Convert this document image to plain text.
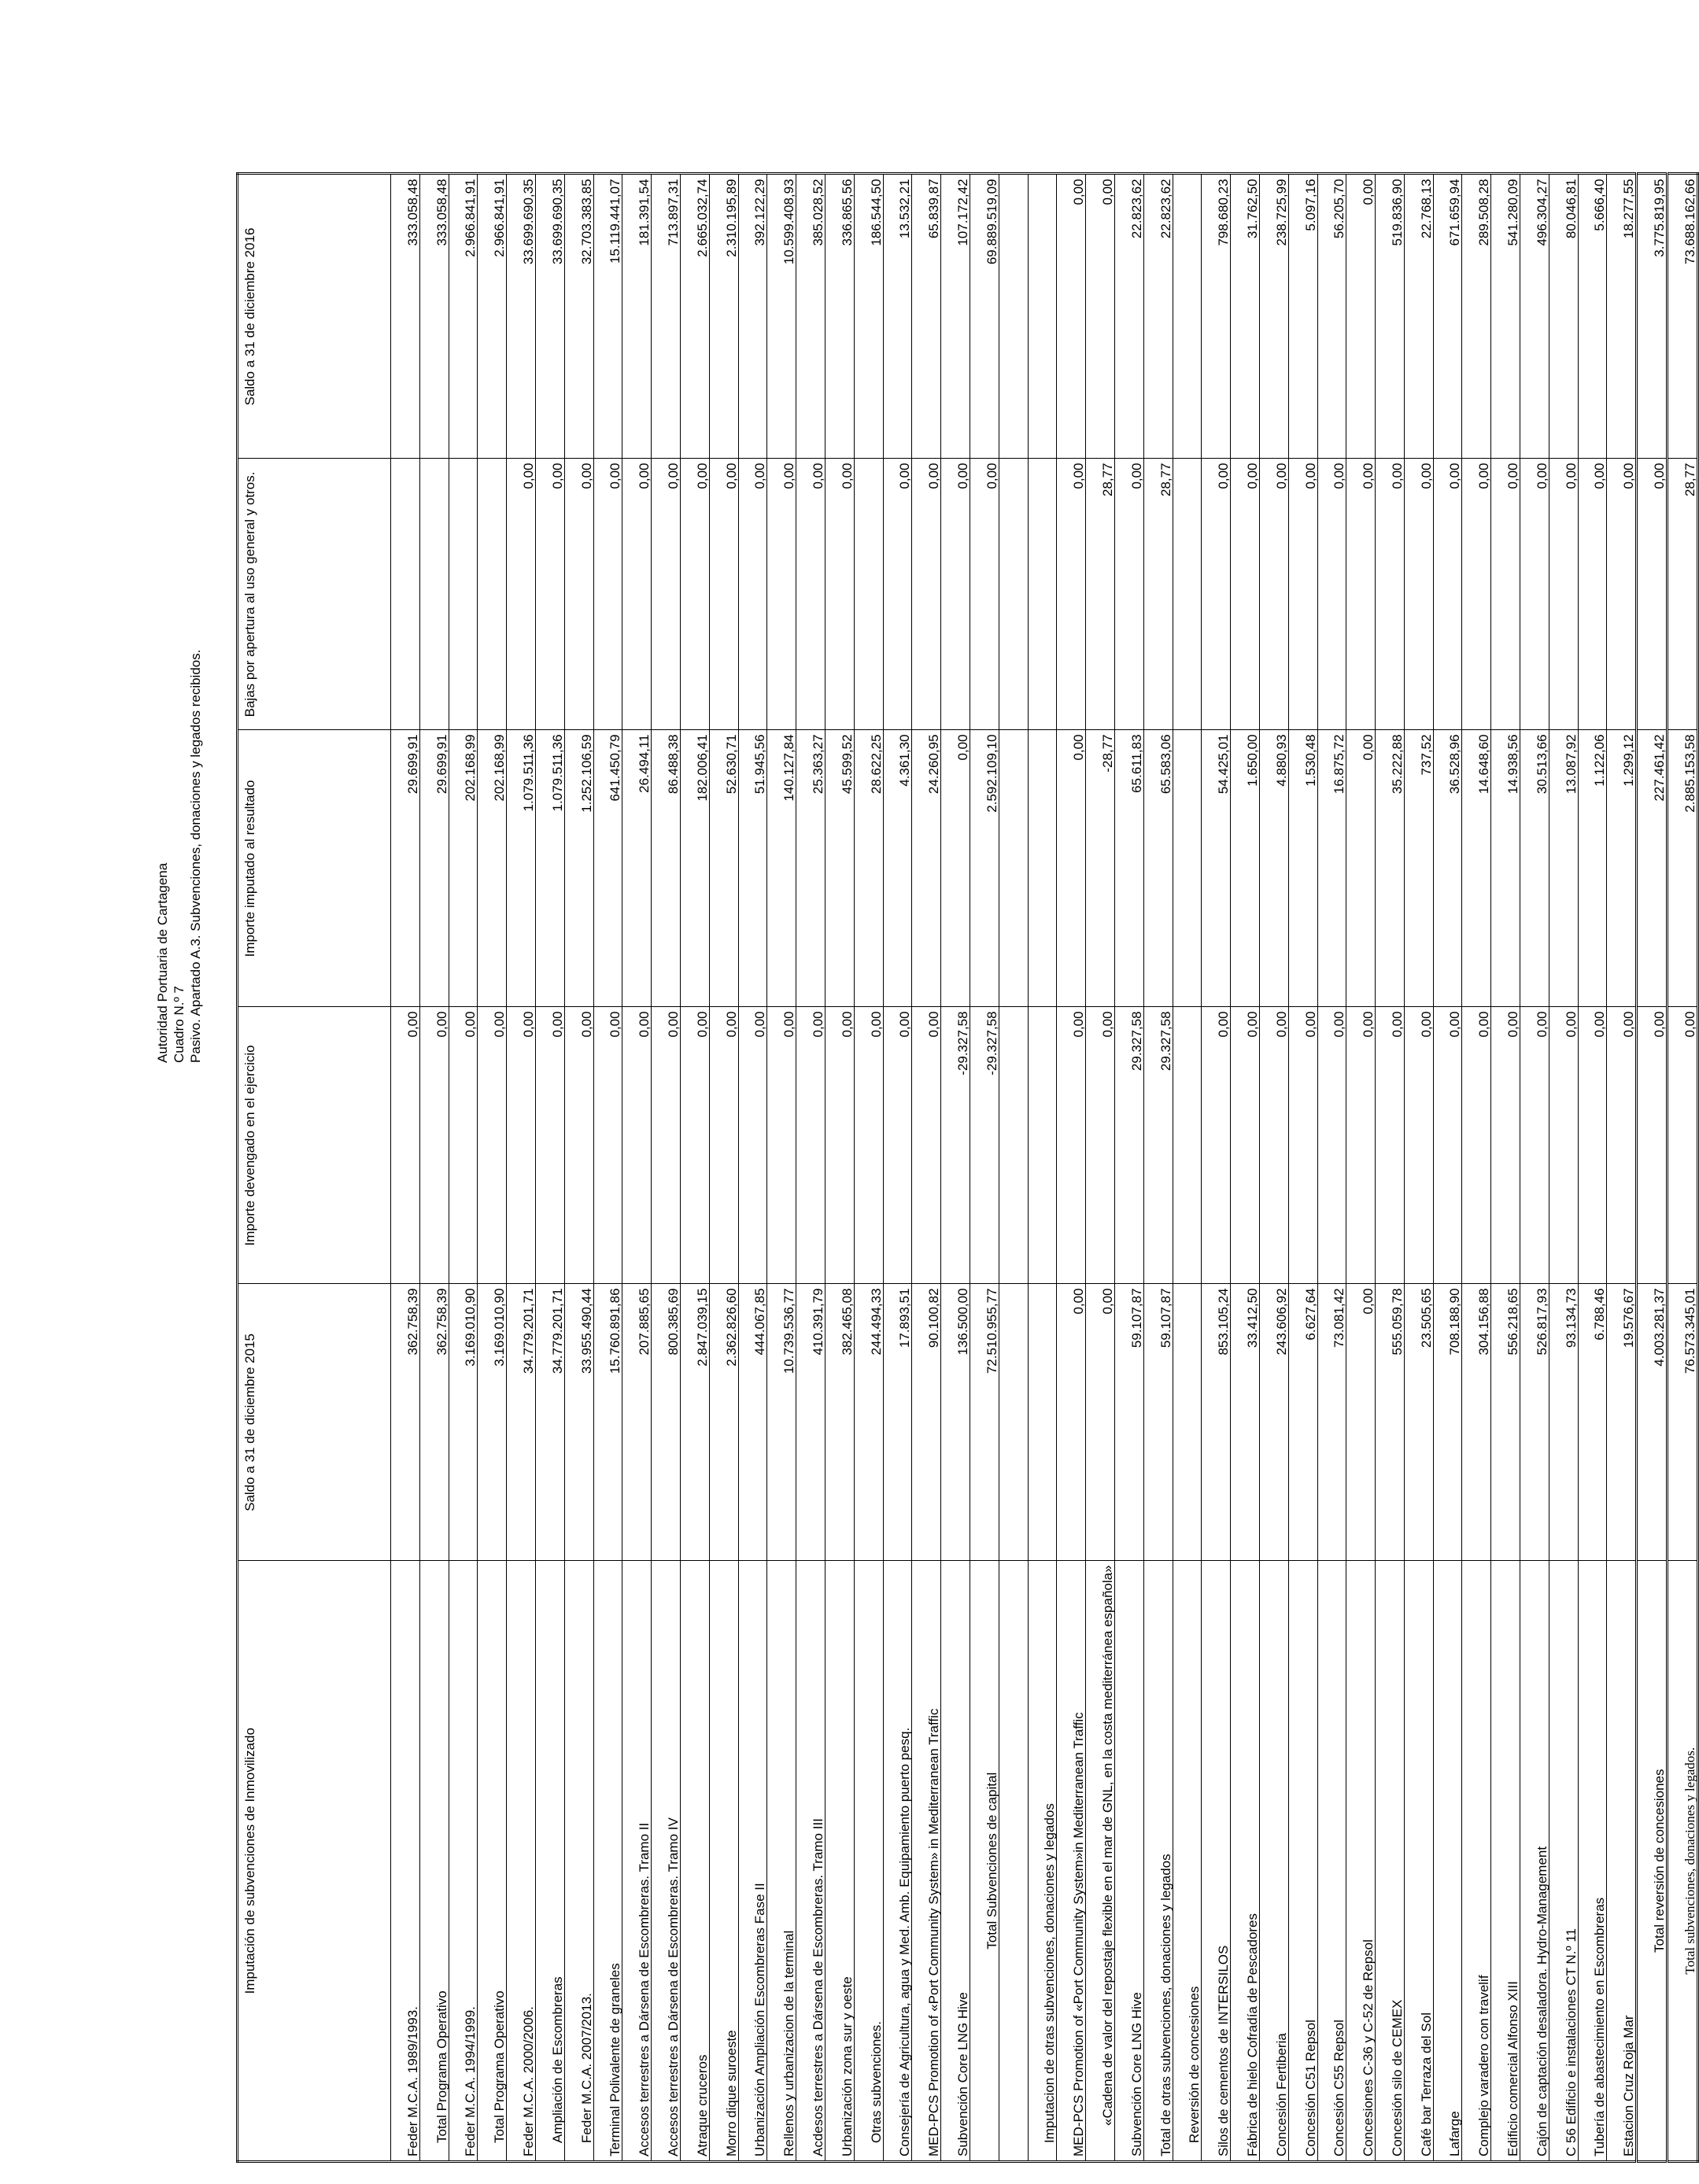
Autoridad Portuaria de Cartagena Cuadro N.º 7 Pasivo. Apartado A.3. Subvenciones, donaciones y legados recibidos.
Imputación de subvenciones de Inmovilizado	Saldo a 31 de diciembre 2015	Importe devengado en el ejercicio	Importe imputado al resultado	Bajas por apertura al uso general y otros.	Saldo a 31 de diciembre 2016
Feder M.C.A. 1989/1993.	362.758,39	0,00	29.699,91		333.058,48
Total Programa Operativo	362.758,39	0,00	29.699,91		333.058,48
Feder M.C.A. 1994/1999.	3.169.010,90	0,00	202.168,99		2.966.841,91
Total Programa Operativo	3.169.010,90	0,00	202.168,99		2.966.841,91
Feder M.C.A. 2000/2006.	34.779.201,71	0,00	1.079.511,36	0,00	33.699.690,35
Ampliación de Escombreras	34.779.201,71	0,00	1.079.511,36	0,00	33.699.690,35
Feder M.C.A. 2007/2013.	33.955.490,44	0,00	1.252.106,59	0,00	32.703.383,85
Terminal Polivalente de graneles	15.760.891,86	0,00	641.450,79	0,00	15.119.441,07
Accesos terrestres a Dársena de Escombreras. Tramo II	207.885,65	0,00	26.494,11	0,00	181.391,54
Accesos terrestres a Dársena de Escombreras. Tramo IV	800.385,69	0,00	86.488,38	0,00	713.897,31
Atraque cruceros	2.847.039,15	0,00	182.006,41	0,00	2.665.032,74
Morro dique suroeste	2.362.826,60	0,00	52.630,71	0,00	2.310.195,89
Urbanización Ampliación Escombreras Fase II	444.067,85	0,00	51.945,56	0,00	392.122,29
Rellenos y urbanizacion de la terminal	10.739.536,77	0,00	140.127,84	0,00	10.599.408,93
Acdesos terrestres a Dársena de Escombreras. Tramo III	410.391,79	0,00	25.363,27	0,00	385.028,52
Urbanización zona sur y oeste	382.465,08	0,00	45.599,52	0,00	336.865,56
Otras subvenciones.	244.494,33	0,00	28.622,25		186.544,50
Consejería de Agricultura, agua y Med. Amb. Equipamiento puerto pesq.	17.893,51	0,00	4.361,30	0,00	13.532,21
MED-PCS Promotion of «Port Community System» in Mediterranean Traffic	90.100,82	0,00	24.260,95	0,00	65.839,87
Subvención Core LNG Hive	136.500,00	-29.327,58	0,00	0,00	107.172,42
Total Subvenciones de capital	72.510.955,77	-29.327,58	2.592.109,10	0,00	69.889.519,09

Imputacion de otras subvenciones, donaciones y legados					
MED-PCS Promotion of «Port Community System»in Mediterranean Traffic	0,00	0,00	0,00	0,00	0,00
«Cadena de valor del repostaje flexible en el mar de GNL, en la costa mediterránea española»	0,00	0,00	-28,77	28,77	0,00
Subvención Core LNG Hive	59.107,87	29.327,58	65.611,83	0,00	22.823,62
Total de otras subvenciones, donaciones y legados	59.107,87	29.327,58	65.583,06	28,77	22.823,62
Reversión de concesiones					
Silos de cementos de INTERSILOS	853.105,24	0,00	54.425,01	0,00	798.680,23
Fábrica de hielo Cofradía de Pescadores	33.412,50	0,00	1.650,00	0,00	31.762,50
Concesión Fertiberia	243.606,92	0,00	4.880,93	0,00	238.725,99
Concesión C51 Repsol	6.627,64	0,00	1.530,48	0,00	5.097,16
Concesión C55 Repsol	73.081,42	0,00	16.875,72	0,00	56.205,70
Concesiones C-36 y C-52 de Repsol	0,00	0,00	0,00	0,00	0,00
Concesión silo de CEMEX	555.059,78	0,00	35.222,88	0,00	519.836,90
Café bar Terraza del Sol	23.505,65	0,00	737,52	0,00	22.768,13
Lafarge	708.188,90	0,00	36.528,96	0,00	671.659,94
Complejo varadero con travelif	304.156,88	0,00	14.648,60	0,00	289.508,28
Edificio comercial Alfonso XIII	556.218,65	0,00	14.938,56	0,00	541.280,09
Cajón de captación desaladora. Hydro-Management	526.817,93	0,00	30.513,66	0,00	496.304,27
C 56 Edificio e instalaciones CT N.º 11	93.134,73	0,00	13.087,92	0,00	80.046,81
Tubería de abastecimiento en Escombreras	6.788,46	0,00	1.122,06	0,00	5.666,40
Estacion Cruz Roja Mar	19.576,67	0,00	1.299,12	0,00	18.277,55
Total reversión de concesiones	4.003.281,37	0,00	227.461,42	0,00	3.775.819,95
Total subvenciones, donaciones y legados.	76.573.345,01	0,00	2.885.153,58	28,77	73.688.162,66
